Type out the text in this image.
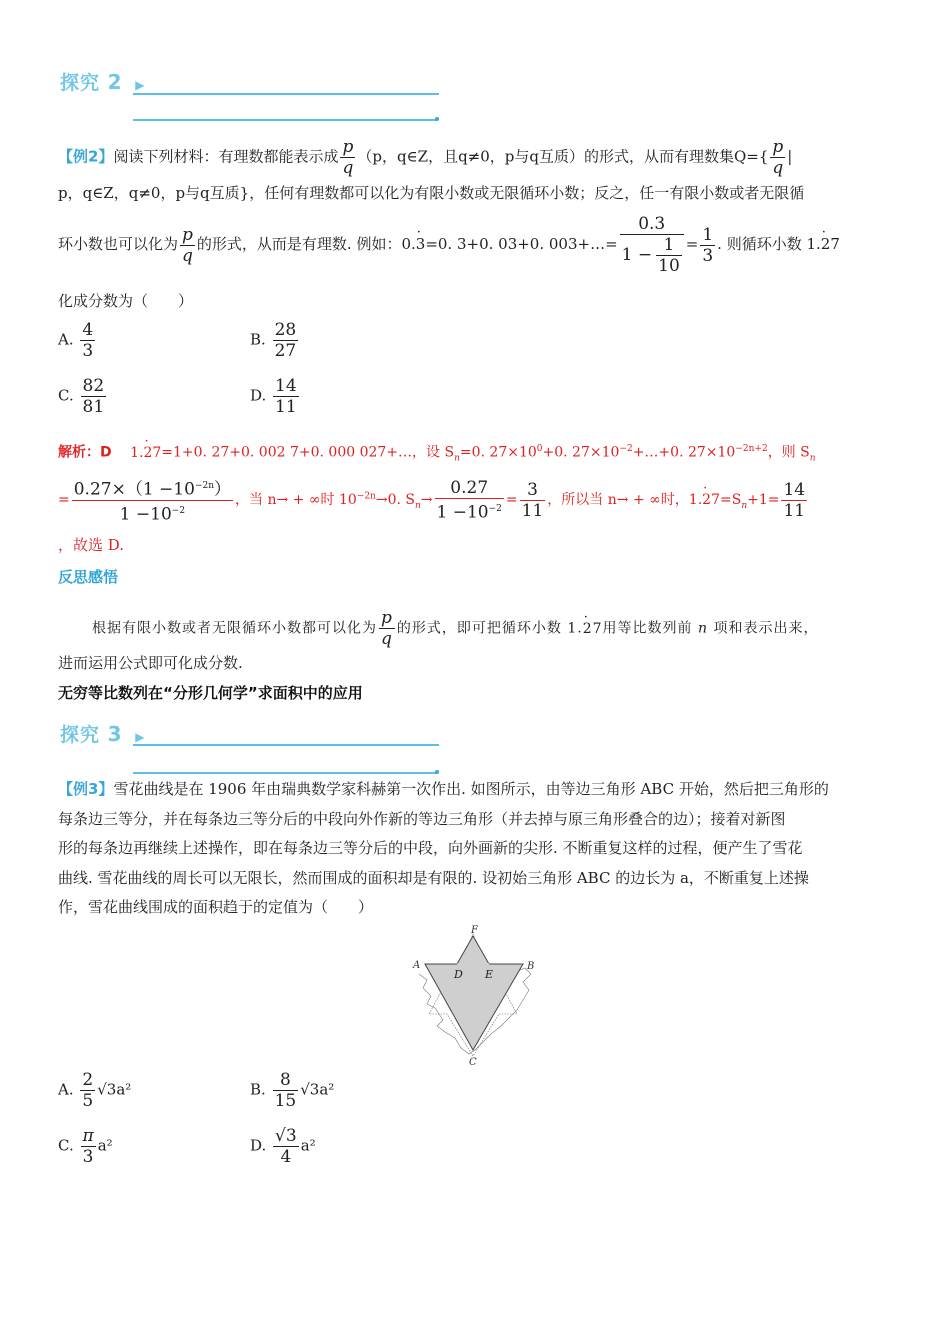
探究 2 ▶
【例2】阅读下列材料：有理数都能表示成 $\frac{p}{q} (p$，q∈Z，且q≠0，p与q互质）的形式，从而有理数集$Q=\{ \frac{p}{q}$ |
p，q∈Z，q≠0，p与q互质}，任何有理数都可以化为有限小数或无限循环小数；反之，任一有限小数或者无限循
环小数也可以化为 $\frac{p}{q}$ 的形式，从而是有理数. 例如：0.· 3=0. 3+0. 03+0. 003+…= $\frac{0.3}{1 - \frac{1}{10}} = \frac{1}{3}$ . 则循环小数 1.· 27
化成分数为（　　）
A. $\frac{4}{3}$	B. $\frac{28}{27}$
C. $\frac{82}{81}$	D. $\frac{14}{11}$
解析：D 1.· 27=1+0. 27+0. 002 7+0. 000 027+…，设 $S_n=0$. $27\times 10^0+0$. $27\times 10^{-2}+\dots+0$. $27\times 10^{-2n+2}$，则 $S_n$
= $\frac{0.27\times(1 -10^{-2n})}{1 -10^{-2}}$ ，当 n→ + ∞时 $10^{-2n}\to 0$. $S_n\to \frac{0.27}{1 -10^{-2}} = \frac{3}{11}$ ，所以当 n→ + ∞时，$1.\cdot 27=S_n+1= \frac{14}{11}$
，故选 D.
反思感悟
根据有限小数或者无限循环小数都可以化为 $\frac{p}{q}$ 的形式，即可把循环小数 1.· 27用等比数列前 n 项和表示出来，
进而运用公式即可化成分数.
无穷等比数列在“分形几何学”求面积中的应用
探究 3 ▶
【例3】雪花曲线是在 1906 年由瑞典数学家科赫第一次作出. 如图所示，由等边三角形 ABC 开始，然后把三角形的
每条边三等分，并在每条边三等分后的中段向外作新的等边三角形（并去掉与原三角形叠合的边）；接着对新图
形的每条边再继续上述操作，即在每条边三等分后的中段，向外画新的尖形. 不断重复这样的过程，便产生了雪花
曲线. 雪花曲线的周长可以无限长，然而围成的面积却是有限的. 设初始三角形 ABC 的边长为 a，不断重复上述操
作，雪花曲线围成的面积趋于的定值为（　　）
A	B
C
D E
F
A. $\frac{2}{5} √3a^2$	B. $\frac{8}{15} √3a^2$
C. $\frac{\pi}{3} a^2$	D. $\frac{√3}{4} a^2$
